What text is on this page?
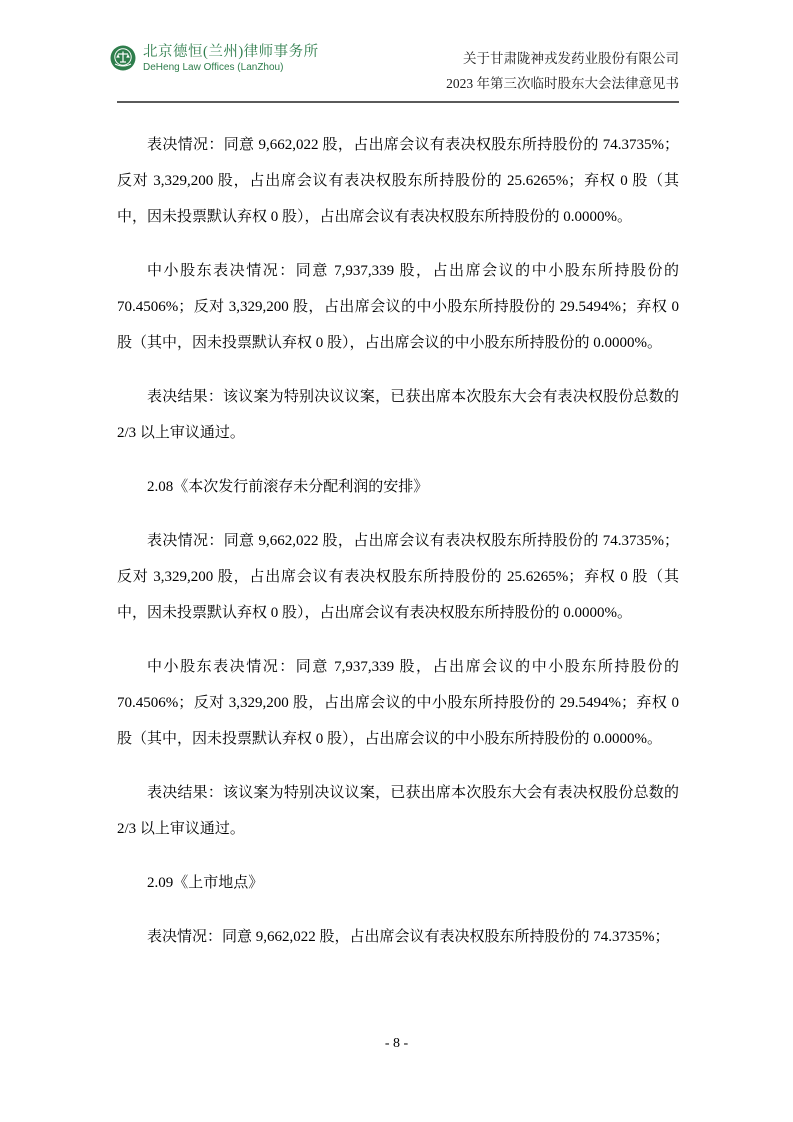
北京德恒(兰州)律师事务所
DeHeng Law Offices (LanZhou)
关于甘肃陇神戎发药业股份有限公司
2023 年第三次临时股东大会法律意见书

表决情况：同意 9,662,022 股，占出席会议有表决权股东所持股份的 74.3735%；反对 3,329,200 股，占出席会议有表决权股东所持股份的 25.6265%；弃权 0 股（其中，因未投票默认弃权 0 股），占出席会议有表决权股东所持股份的 0.0000%。

中小股东表决情况：同意 7,937,339 股，占出席会议的中小股东所持股份的 70.4506%；反对 3,329,200 股，占出席会议的中小股东所持股份的 29.5494%；弃权 0 股（其中，因未投票默认弃权 0 股），占出席会议的中小股东所持股份的 0.0000%。

表决结果：该议案为特别决议议案，已获出席本次股东大会有表决权股份总数的 2/3 以上审议通过。

2.08《本次发行前滚存未分配利润的安排》

表决情况：同意 9,662,022 股，占出席会议有表决权股东所持股份的 74.3735%；反对 3,329,200 股，占出席会议有表决权股东所持股份的 25.6265%；弃权 0 股（其中，因未投票默认弃权 0 股），占出席会议有表决权股东所持股份的 0.0000%。

中小股东表决情况：同意 7,937,339 股，占出席会议的中小股东所持股份的 70.4506%；反对 3,329,200 股，占出席会议的中小股东所持股份的 29.5494%；弃权 0 股（其中，因未投票默认弃权 0 股），占出席会议的中小股东所持股份的 0.0000%。

表决结果：该议案为特别决议议案，已获出席本次股东大会有表决权股份总数的 2/3 以上审议通过。

2.09《上市地点》

表决情况：同意 9,662,022 股，占出席会议有表决权股东所持股份的 74.3735%；

- 8 -
